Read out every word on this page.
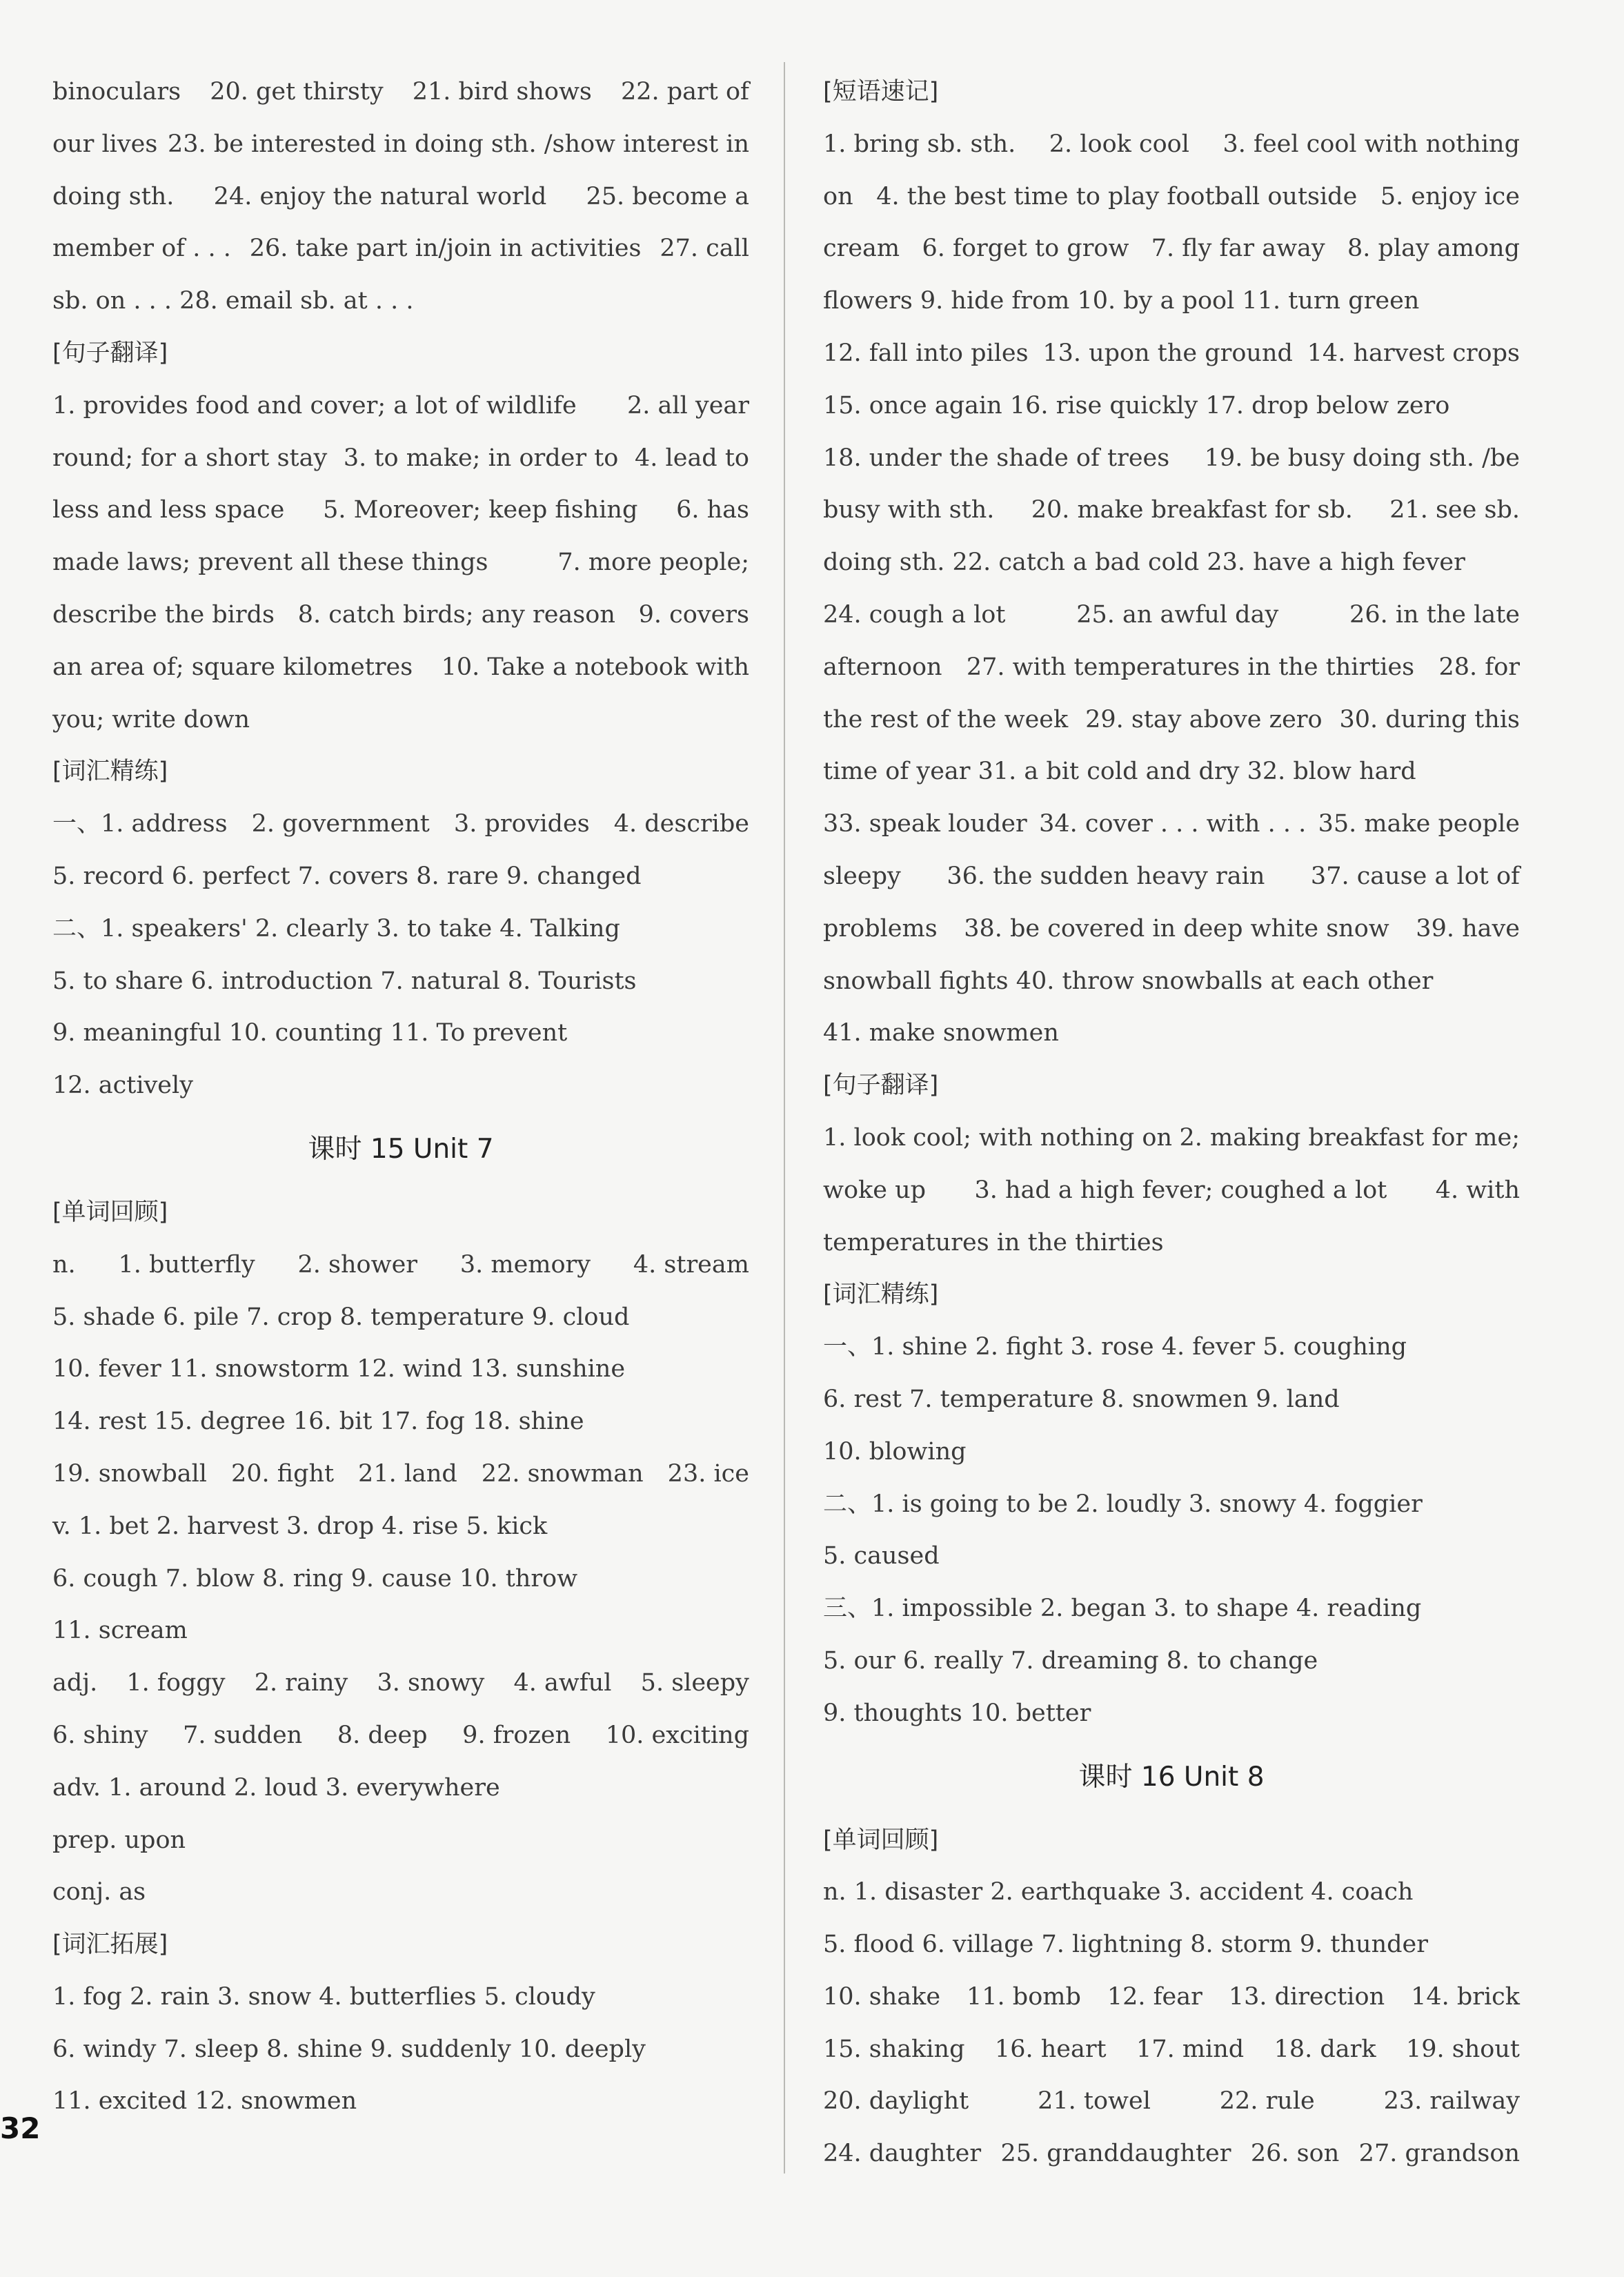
binoculars 20. get thirsty 21. bird shows 22. part of
our lives 23. be interested in doing sth. /show interest in
doing sth. 24. enjoy the natural world 25. become a
member of . . . 26. take part in/join in activities 27. call
sb. on . . . 28. email sb. at . . .
[句子翻译]
1. provides food and cover; a lot of wildlife 2. all year
round; for a short stay 3. to make; in order to 4. lead to
less and less space 5. Moreover; keep fishing 6. has
made laws; prevent all these things	7. more people;
describe the birds 8. catch birds; any reason 9. covers
an area of; square kilometres 10. Take a notebook with
you; write down
[词汇精练]
一、1. address 2. government 3. provides 4. describe
5. record 6. perfect 7. covers 8. rare 9. changed
二、1. speakers' 2. clearly 3. to take 4. Talking
5. to share 6. introduction 7. natural 8. Tourists
9. meaningful 10. counting 11. To prevent
12. actively
课时 15 Unit 7
[单词回顾]
n. 1. butterfly 2. shower 3. memory 4. stream
5. shade 6. pile 7. crop 8. temperature 9. cloud
10. fever 11. snowstorm 12. wind 13. sunshine
14. rest 15. degree 16. bit 17. fog 18. shine
19. snowball 20. fight 21. land 22. snowman 23. ice
v. 1. bet 2. harvest 3. drop 4. rise 5. kick
6. cough 7. blow 8. ring 9. cause 10. throw
11. scream
adj. 1. foggy 2. rainy 3. snowy 4. awful 5. sleepy
6. shiny 7. sudden 8. deep 9. frozen 10. exciting
adv. 1. around 2. loud 3. everywhere
prep. upon
conj. as
[词汇拓展]
1. fog 2. rain 3. snow 4. butterflies 5. cloudy
6. windy 7. sleep 8. shine 9. suddenly 10. deeply
11. excited 12. snowmen
[短语速记]
1. bring sb. sth. 2. look cool 3. feel cool with nothing
on 4. the best time to play football outside 5. enjoy ice
cream 6. forget to grow 7. fly far away 8. play among
flowers 9. hide from 10. by a pool 11. turn green
12. fall into piles 13. upon the ground 14. harvest crops
15. once again 16. rise quickly 17. drop below zero
18. under the shade of trees 19. be busy doing sth. /be
busy with sth. 20. make breakfast for sb. 21. see sb.
doing sth. 22. catch a bad cold 23. have a high fever
24. cough a lot	25. an awful day	26. in the late
afternoon 27. with temperatures in the thirties 28. for
the rest of the week 29. stay above zero 30. during this
time of year 31. a bit cold and dry 32. blow hard
33. speak louder 34. cover . . . with . . . 35. make people
sleepy 36. the sudden heavy rain 37. cause a lot of
problems 38. be covered in deep white snow 39. have
snowball fights 40. throw snowballs at each other
41. make snowmen
[句子翻译]
1. look cool; with nothing on 2. making breakfast for me;
woke up 3. had a high fever; coughed a lot 4. with
temperatures in the thirties
[词汇精练]
一、1. shine 2. fight 3. rose 4. fever 5. coughing
6. rest 7. temperature 8. snowmen 9. land
10. blowing
二、1. is going to be 2. loudly 3. snowy 4. foggier
5. caused
三、1. impossible 2. began 3. to shape 4. reading
5. our 6. really 7. dreaming 8. to change
9. thoughts 10. better
课时 16 Unit 8
[单词回顾]
n. 1. disaster 2. earthquake 3. accident 4. coach
5. flood 6. village 7. lightning 8. storm 9. thunder
10. shake 11. bomb 12. fear 13. direction 14. brick
15. shaking 16. heart 17. mind 18. dark 19. shout
20. daylight	21. towel	22. rule	23. railway
24. daughter 25. granddaughter 26. son 27. grandson
32
